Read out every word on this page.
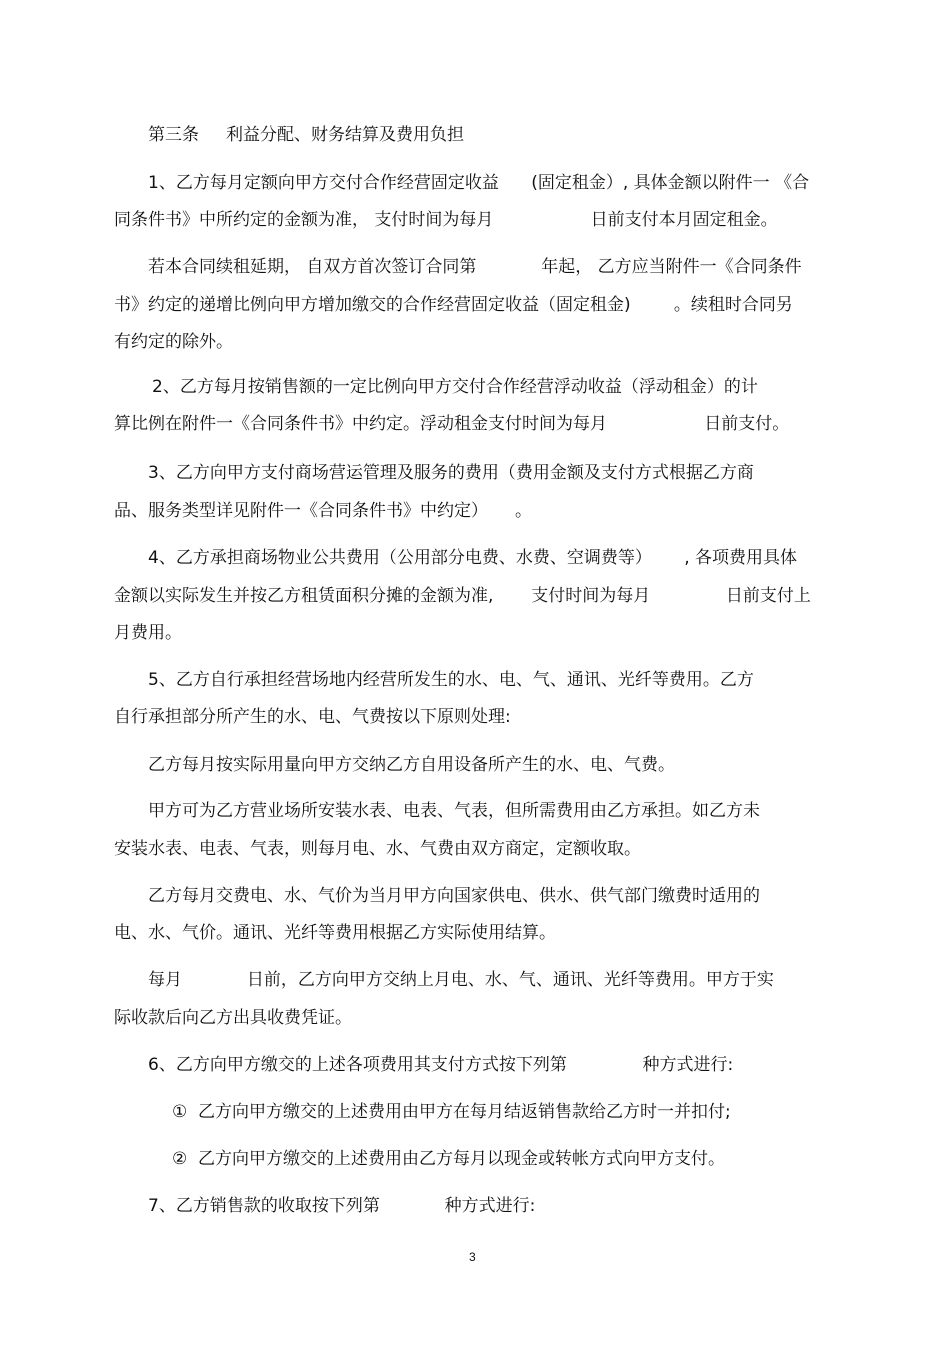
第三条     利益分配、财务结算及费用负担

1、乙方每月定额向甲方交付合作经营固定收益      (固定租金）, 具体金额以附件一 《合

同条件书》中所约定的金额为准， 支付时间为每月                  日前支付本月固定租金。

若本合同续租延期， 自双方首次签订合同第            年起， 乙方应当附件一《合同条件

书》约定的递增比例向甲方增加缴交的合作经营固定收益（固定租金)        。续租时合同另

有约定的除外。

2、乙方每月按销售额的一定比例向甲方交付合作经营浮动收益（浮动租金）的计

算比例在附件一《合同条件书》中约定。浮动租金支付时间为每月                  日前支付。

3、乙方向甲方支付商场营运管理及服务的费用（费用金额及支付方式根据乙方商

品、服务类型详见附件一《合同条件书》中约定）     。

4、乙方承担商场物业公共费用（公用部分电费、水费、空调费等）      , 各项费用具体

金额以实际发生并按乙方租赁面积分摊的金额为准,       支付时间为每月              日前支付上

月费用。

5、乙方自行承担经营场地内经营所发生的水、电、气、通讯、光纤等费用。乙方

自行承担部分所产生的水、电、气费按以下原则处理:

乙方每月按实际用量向甲方交纳乙方自用设备所产生的水、电、气费。

甲方可为乙方营业场所安装水表、电表、气表，但所需费用由乙方承担。如乙方未

安装水表、电表、气表，则每月电、水、气费由双方商定，定额收取。

乙方每月交费电、水、气价为当月甲方向国家供电、供水、供气部门缴费时适用的

电、水、气价。通讯、光纤等费用根据乙方实际使用结算。

每月            日前，乙方向甲方交纳上月电、水、气、通讯、光纤等费用。甲方于实

际收款后向乙方出具收费凭证。

6、乙方向甲方缴交的上述各项费用其支付方式按下列第              种方式进行:

①  乙方向甲方缴交的上述费用由甲方在每月结返销售款给乙方时一并扣付;

②  乙方向甲方缴交的上述费用由乙方每月以现金或转帐方式向甲方支付。

7、乙方销售款的收取按下列第            种方式进行:

3
